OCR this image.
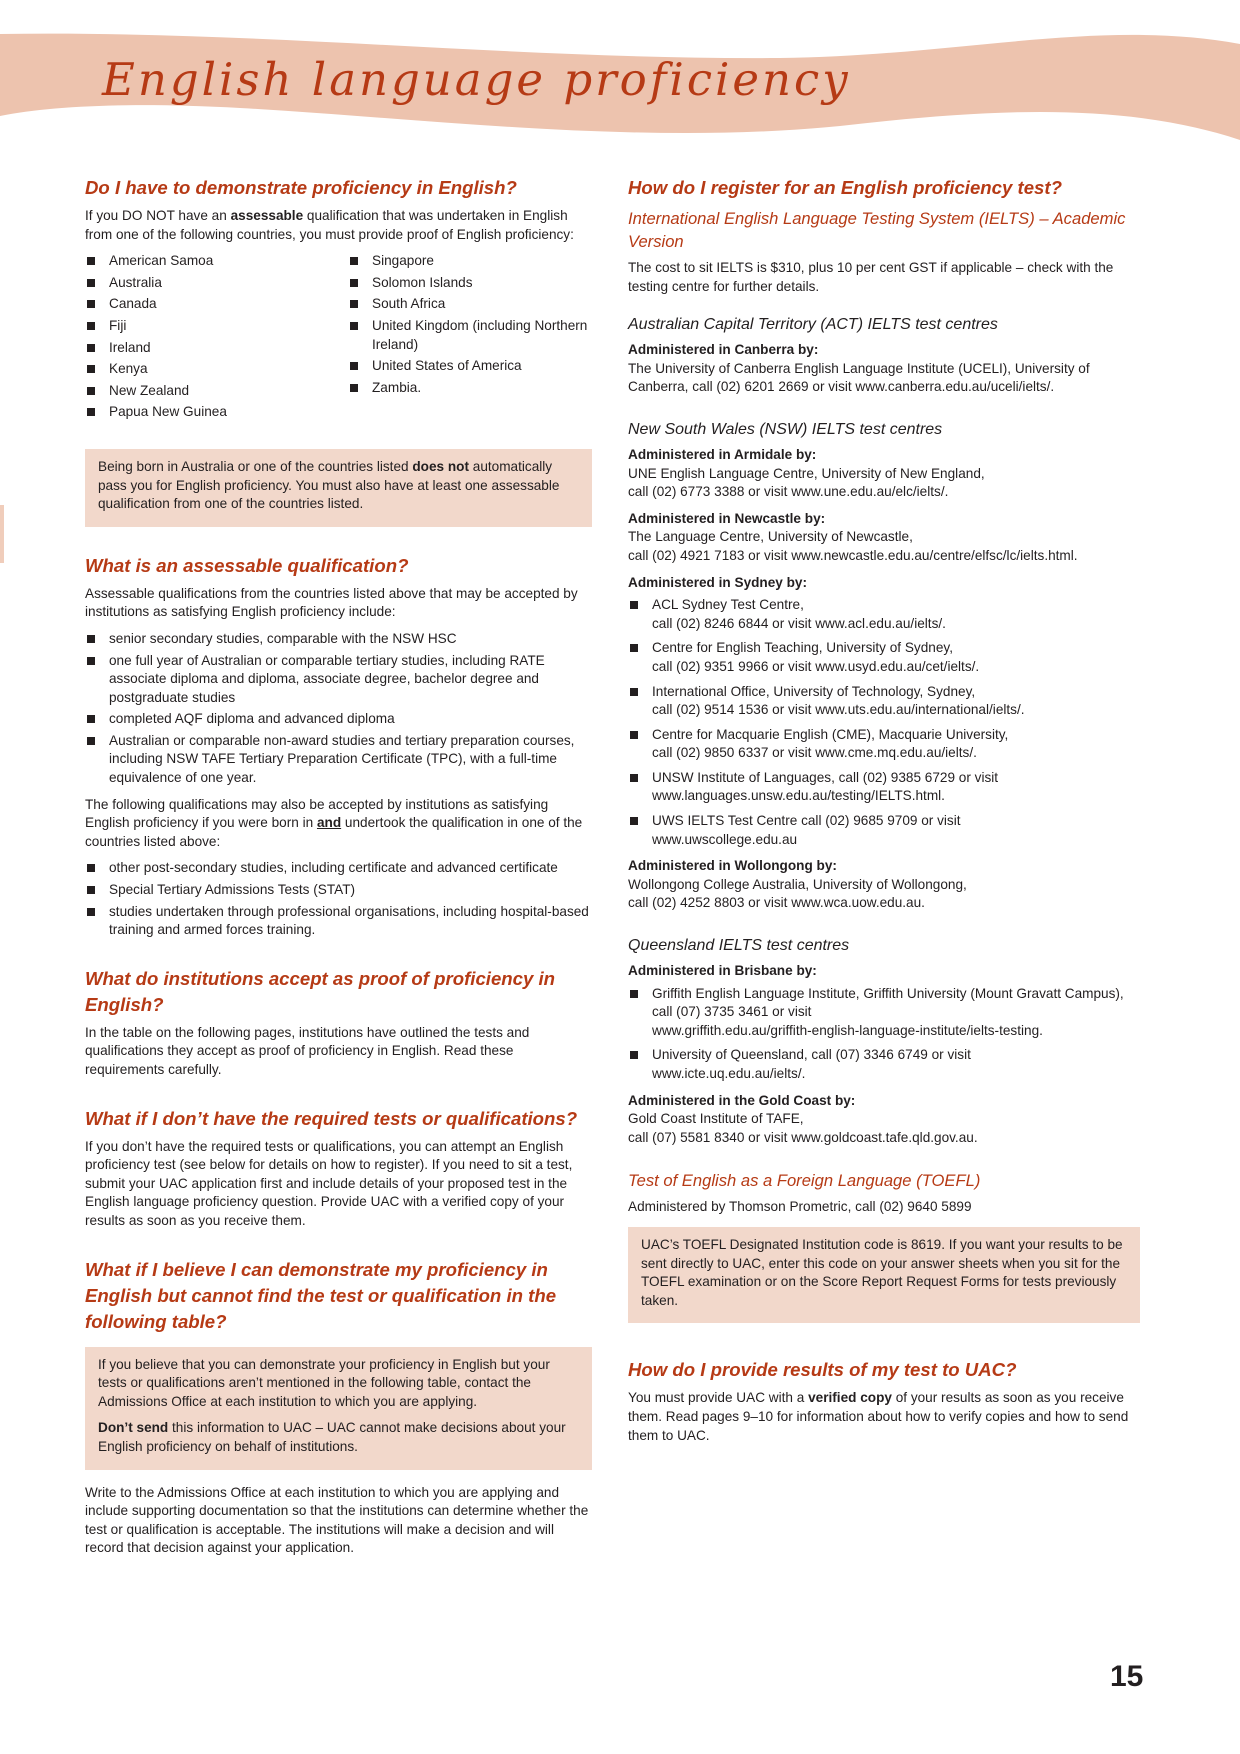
English language proficiency
Do I have to demonstrate proficiency in English?

If you DO NOT have an assessable qualification that was undertaken in English from one of the following countries, you must provide proof of English proficiency:

American Samoa
Australia
Canada
Fiji
Ireland
Kenya
New Zealand
Papua New Guinea
Singapore
Solomon Islands
South Africa
United Kingdom (including Northern Ireland)
United States of America
Zambia.

Being born in Australia or one of the countries listed does not automatically pass you for English proficiency. You must also have at least one assessable qualification from one of the countries listed.

What is an assessable qualification?

Assessable qualifications from the countries listed above that may be accepted by institutions as satisfying English proficiency include:

senior secondary studies, comparable with the NSW HSC
one full year of Australian or comparable tertiary studies, including RATE associate diploma and diploma, associate degree, bachelor degree and postgraduate studies
completed AQF diploma and advanced diploma
Australian or comparable non-award studies and tertiary preparation courses, including NSW TAFE Tertiary Preparation Certificate (TPC), with a full-time equivalence of one year.

The following qualifications may also be accepted by institutions as satisfying English proficiency if you were born in and undertook the qualification in one of the countries listed above:

other post-secondary studies, including certificate and advanced certificate
Special Tertiary Admissions Tests (STAT)
studies undertaken through professional organisations, including hospital-based training and armed forces training.
What do institutions accept as proof of proficiency in English?

In the table on the following pages, institutions have outlined the tests and qualifications they accept as proof of proficiency in English. Read these requirements carefully.

What if I don’t have the required tests or qualifications?

If you don’t have the required tests or qualifications, you can attempt an English proficiency test (see below for details on how to register). If you need to sit a test, submit your UAC application first and include details of your proposed test in the English language proficiency question. Provide UAC with a verified copy of your results as soon as you receive them.

What if I believe I can demonstrate my proficiency in English but cannot find the test or qualification in the following table?

If you believe that you can demonstrate your proficiency in English but your tests or qualifications aren’t mentioned in the following table, contact the Admissions Office at each institution to which you are applying.

Don’t send this information to UAC – UAC cannot make decisions about your English proficiency on behalf of institutions.

Write to the Admissions Office at each institution to which you are applying and include supporting documentation so that the institutions can determine whether the test or qualification is acceptable. The institutions will make a decision and will record that decision against your application.

How do I register for an English proficiency test?
International English Language Testing System (IELTS) – Academic Version

The cost to sit IELTS is $310, plus 10 per cent GST if applicable – check with the testing centre for further details.

Australian Capital Territory (ACT) IELTS test centres
Administered in Canberra by:

The University of Canberra English Language Institute (UCELI), University of Canberra, call (02) 6201 2669 or visit www.canberra.edu.au/uceli/ielts/.

New South Wales (NSW) IELTS test centres
Administered in Armidale by:

UNE English Language Centre, University of New England,
call (02) 6773 3388 or visit www.une.edu.au/elc/ielts/.

Administered in Newcastle by:

The Language Centre, University of Newcastle,
call (02) 4921 7183 or visit www.newcastle.edu.au/centre/elfsc/lc/ielts.html.

Administered in Sydney by:
ACL Sydney Test Centre,
call (02) 8246 6844 or visit www.acl.edu.au/ielts/.
Centre for English Teaching, University of Sydney,
call (02) 9351 9966 or visit www.usyd.edu.au/cet/ielts/.
International Office, University of Technology, Sydney,
call (02) 9514 1536 or visit www.uts.edu.au/international/ielts/.
Centre for Macquarie English (CME), Macquarie University,
call (02) 9850 6337 or visit www.cme.mq.edu.au/ielts/.
UNSW Institute of Languages, call (02) 9385 6729 or visit
www.languages.unsw.edu.au/testing/IELTS.html.
UWS IELTS Test Centre call (02) 9685 9709 or visit
www.uwscollege.edu.au
Administered in Wollongong by:

Wollongong College Australia, University of Wollongong,
call (02) 4252 8803 or visit www.wca.uow.edu.au.

Queensland IELTS test centres
Administered in Brisbane by:
Griffith English Language Institute, Griffith University (Mount Gravatt Campus), call (07) 3735 3461 or visit
www.griffith.edu.au/griffith-english-language-institute/ielts-testing.
University of Queensland, call (07) 3346 6749 or visit
www.icte.uq.edu.au/ielts/.
Administered in the Gold Coast by:

Gold Coast Institute of TAFE,
call (07) 5581 8340 or visit www.goldcoast.tafe.qld.gov.au.

Test of English as a Foreign Language (TOEFL)

Administered by Thomson Prometric, call (02) 9640 5899

UAC’s TOEFL Designated Institution code is 8619. If you want your results to be sent directly to UAC, enter this code on your answer sheets when you sit for the TOEFL examination or on the Score Report Request Forms for tests previously taken.

How do I provide results of my test to UAC?

You must provide UAC with a verified copy of your results as soon as you receive them. Read pages 9–10 for information about how to verify copies and how to send them to UAC.

15
